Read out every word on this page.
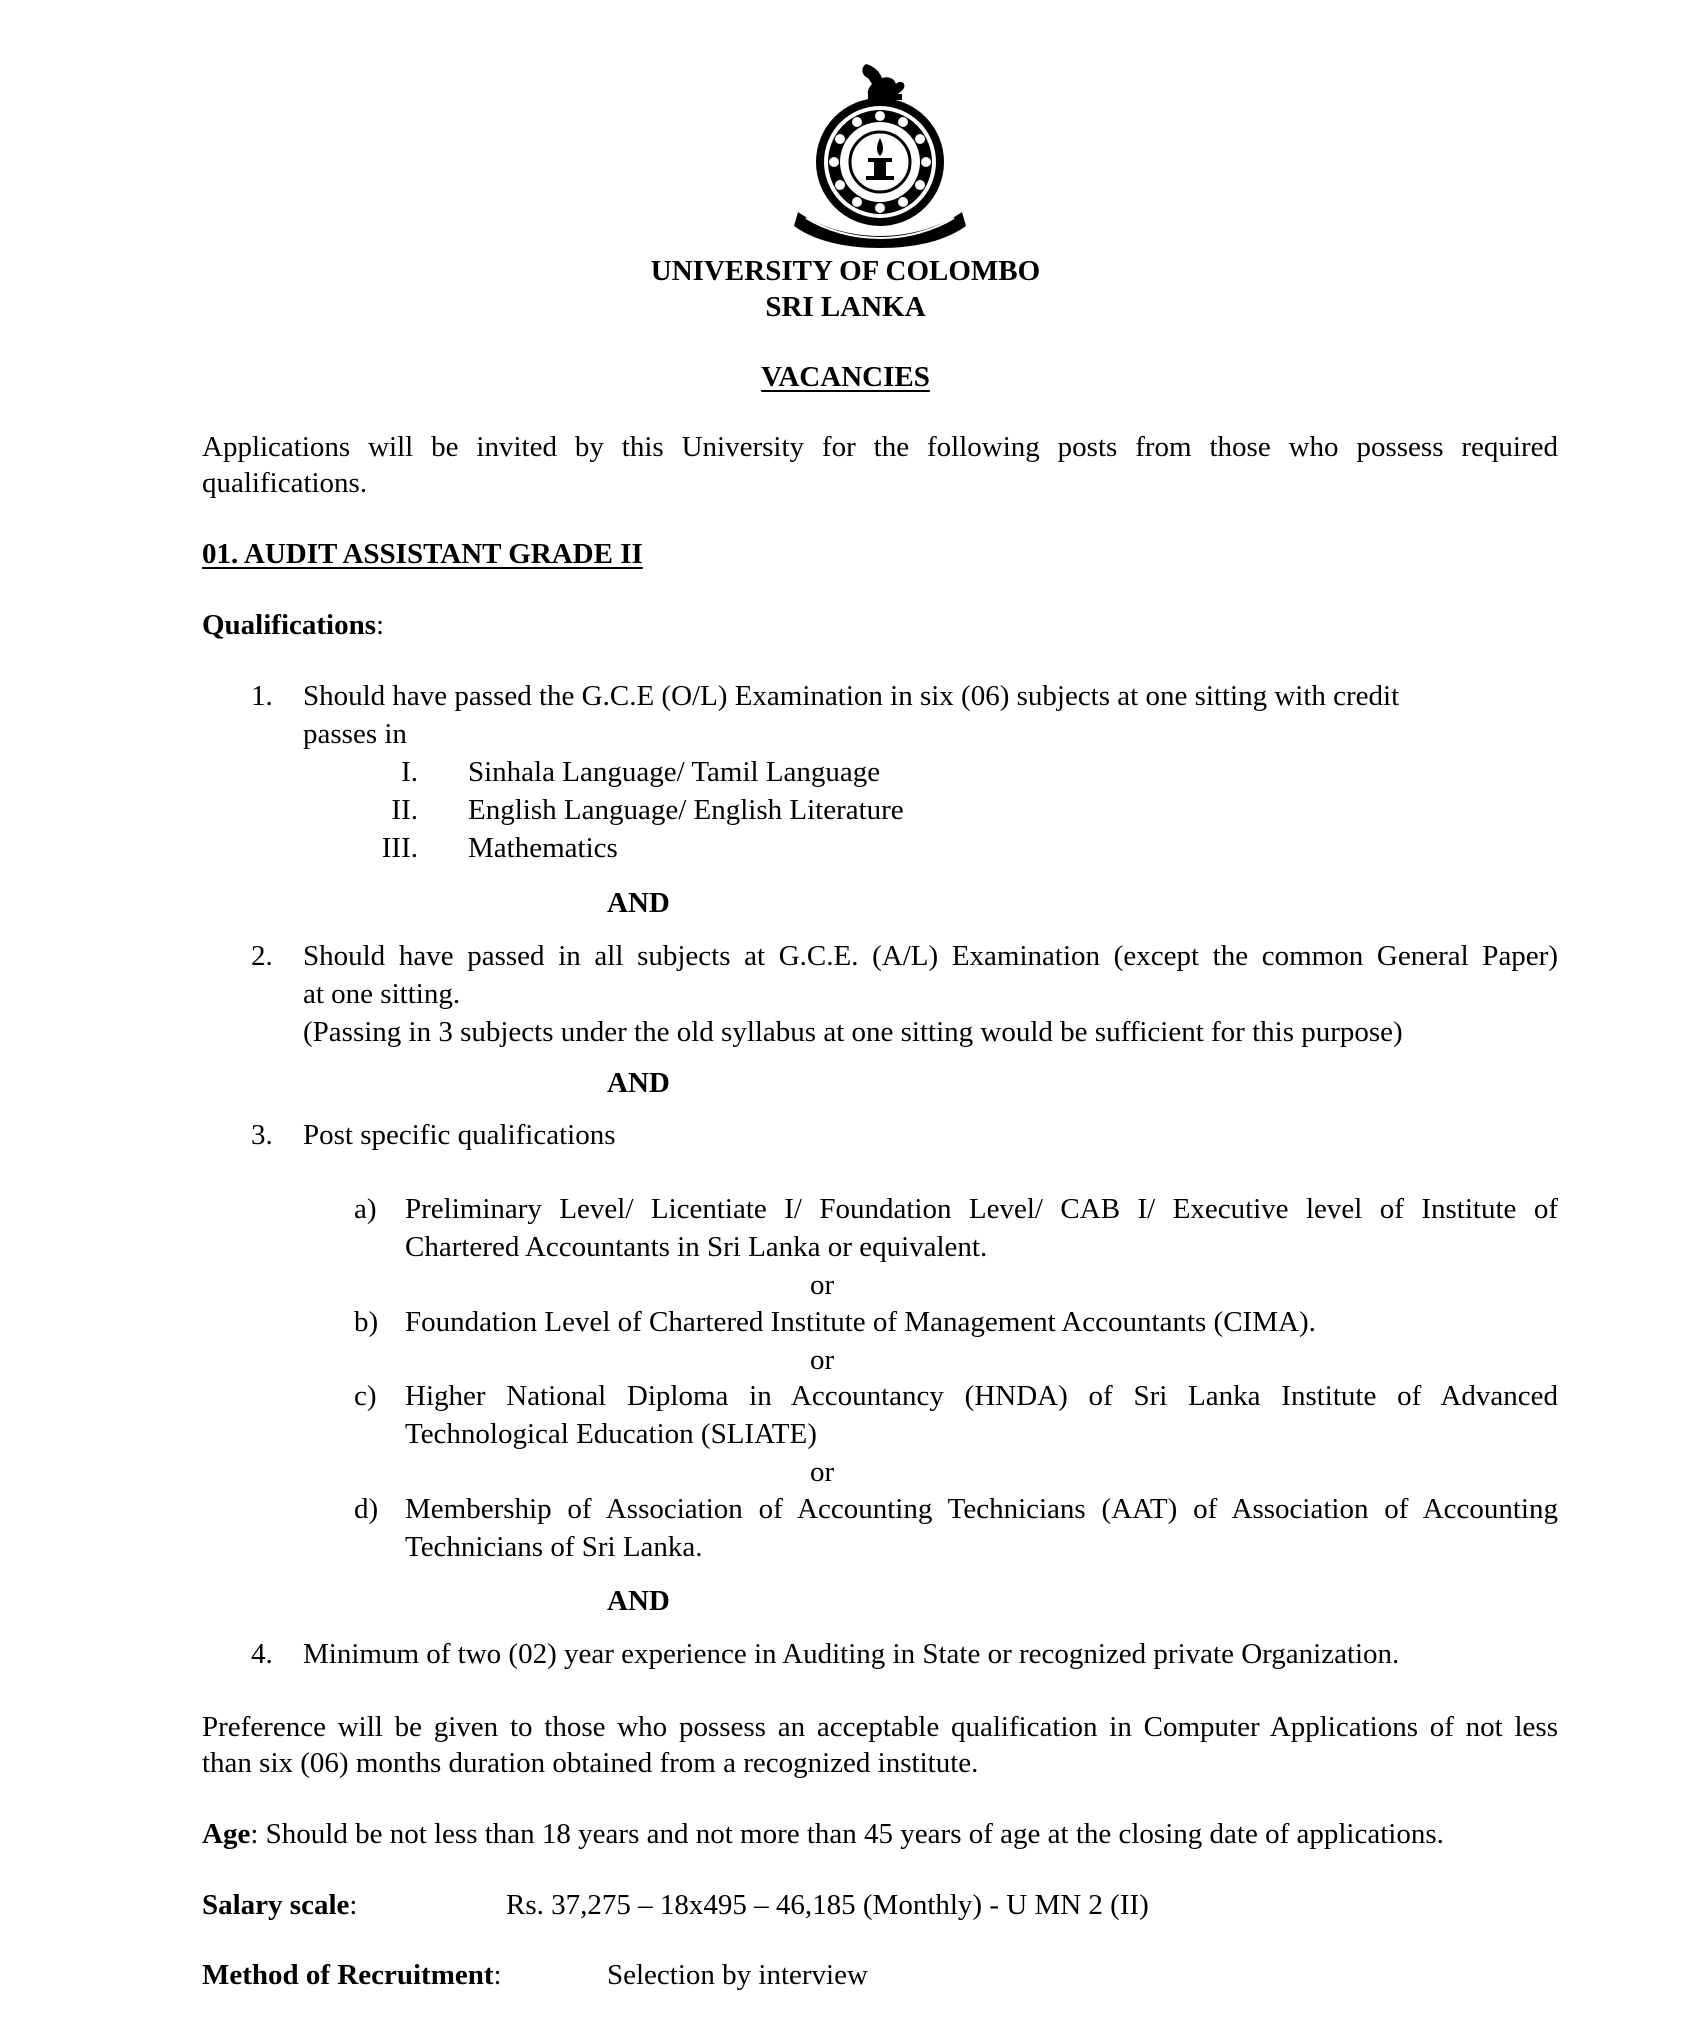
UNIVERSITY OF COLOMBO
SRI LANKA
VACANCIES
Applications will be invited by this University for the following posts from those who possess required
qualifications.
01. AUDIT ASSISTANT GRADE II
Qualifications:
1. Should have passed the G.C.E (O/L) Examination in six (06) subjects at one sitting with credit
passes in
I. Sinhala Language/ Tamil Language
II. English Language/ English Literature
III. Mathematics
AND
2. Should have passed in all subjects at G.C.E. (A/L) Examination (except the common General Paper)
at one sitting.
(Passing in 3 subjects under the old syllabus at one sitting would be sufficient for this purpose)
AND
3. Post specific qualifications
a) Preliminary Level/ Licentiate I/ Foundation Level/ CAB I/ Executive level of Institute of
Chartered Accountants in Sri Lanka or equivalent.
or
b) Foundation Level of Chartered Institute of Management Accountants (CIMA).
or
c) Higher National Diploma in Accountancy (HNDA) of Sri Lanka Institute of Advanced
Technological Education (SLIATE)
or
d) Membership of Association of Accounting Technicians (AAT) of Association of Accounting
Technicians of Sri Lanka.
AND
4. Minimum of two (02) year experience in Auditing in State or recognized private Organization.
Preference will be given to those who possess an acceptable qualification in Computer Applications of not less
than six (06) months duration obtained from a recognized institute.
Age: Should be not less than 18 years and not more than 45 years of age at the closing date of applications.
Salary scale:	Rs. 37,275 – 18x495 – 46,185 (Monthly) - U MN 2 (II)
Method of Recruitment:	Selection by interview
